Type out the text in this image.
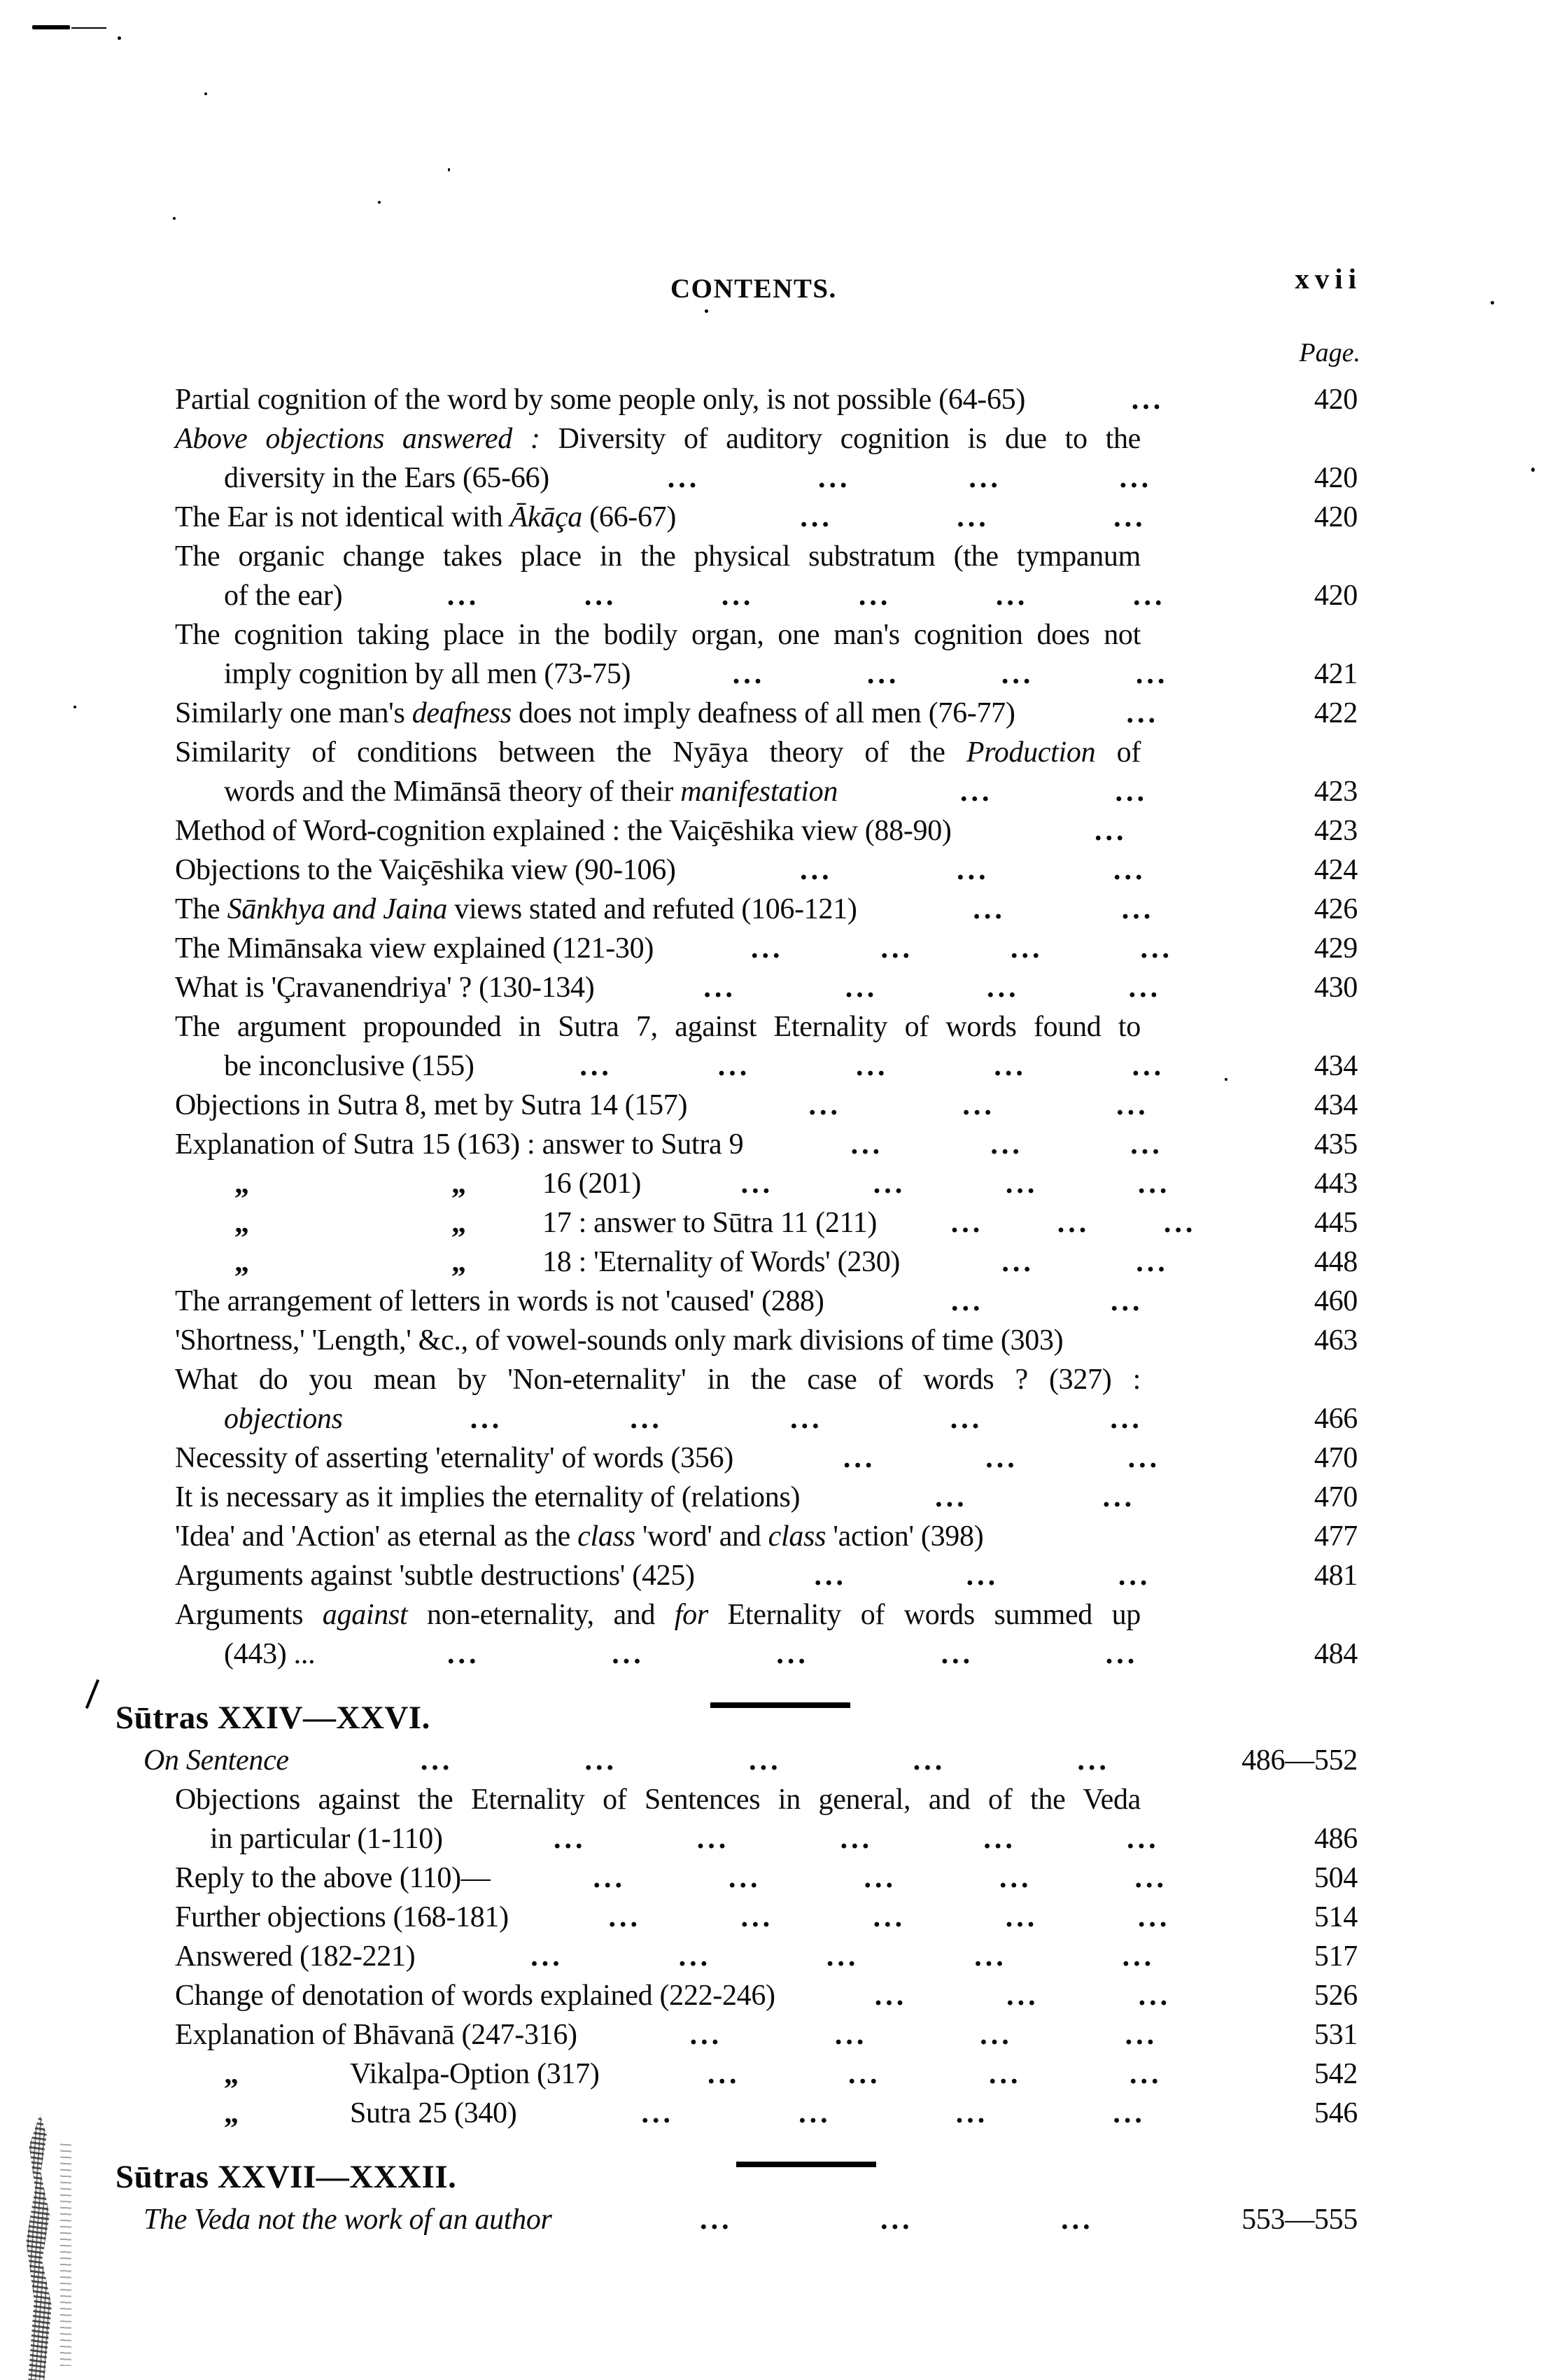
CONTENTS.	xvii
Page.
Partial cognition of the word by some people only, is not possible (64-65)	...	420
Above objections answered : Diversity of auditory cognition is due to the
diversity in the Ears (65-66)	...	...	...	...	420
The Ear is not identical with Ākāça (66-67)	...	...	...	420
The organic change takes place in the physical substratum (the tympanum
of the ear)	...	...	...	...	...	...	420
The cognition taking place in the bodily organ, one man's cognition does not
imply cognition by all men (73-75)	...	...	...	...	421
Similarly one man's deafness does not imply deafness of all men (76-77)	...	422
Similarity of conditions between the Nyāya theory of the Production of
words and the Mimānsā theory of their manifestation	...	...	423
Method of Word-cognition explained : the Vaiçēshika view (88-90)	...	423
Objections to the Vaiçēshika view (90-106)	...	...	...	424
The Sānkhya and Jaina views stated and refuted (106-121)	...	...	426
The Mimānsaka view explained (121-30)	...	...	...	...	429
What is 'Çravanendriya' ? (130-134)	...	...	...	...	430
The argument propounded in Sutra 7, against Eternality of words found to
be inconclusive (155)	...	...	...	...	...	434
Objections in Sutra 8, met by Sutra 14 (157)	...	...	...	434
Explanation of Sutra 15 (163) : answer to Sutra 9	...	...	...	435
„	„	16 (201)	...	...	...	...	443
„	„	17 : answer to Sūtra 11 (211)	...	...	...	445
„	„	18 : 'Eternality of Words' (230)	...	...	448
The arrangement of letters in words is not 'caused' (288)	...	...	460
'Shortness,' 'Length,' &c., of vowel-sounds only mark divisions of time (303)	463
What do you mean by 'Non-eternality' in the case of words ? (327) :
objections	...	...	...	...	...	466
Necessity of asserting 'eternality' of words (356)	...	...	...	470
It is necessary as it implies the eternality of (relations)	...	...	470
'Idea' and 'Action' as eternal as the class 'word' and class 'action' (398)	477
Arguments against 'subtle destructions' (425)	...	...	...	481
Arguments against non-eternality, and for Eternality of words summed up
(443) ...	...	...	...	...	...	484
Sūtras XXIV—XXVI.
On Sentence	...	...	...	...	...	486—552
Objections against the Eternality of Sentences in general, and of the Veda
in particular (1-110)	...	...	...	...	...	486
Reply to the above (110)—	...	...	...	...	...	504
Further objections (168-181)	...	...	...	...	...	514
Answered (182-221)	...	...	...	...	...	517
Change of denotation of words explained (222-246)	...	...	...	526
Explanation of Bhāvanā (247-316)	...	...	...	...	531
„	Vikalpa-Option (317)	...	...	...	...	542
„	Sutra 25 (340)	...	...	...	...	546
Sūtras XXVII—XXXII.
The Veda not the work of an author	...	...	...	553—555
